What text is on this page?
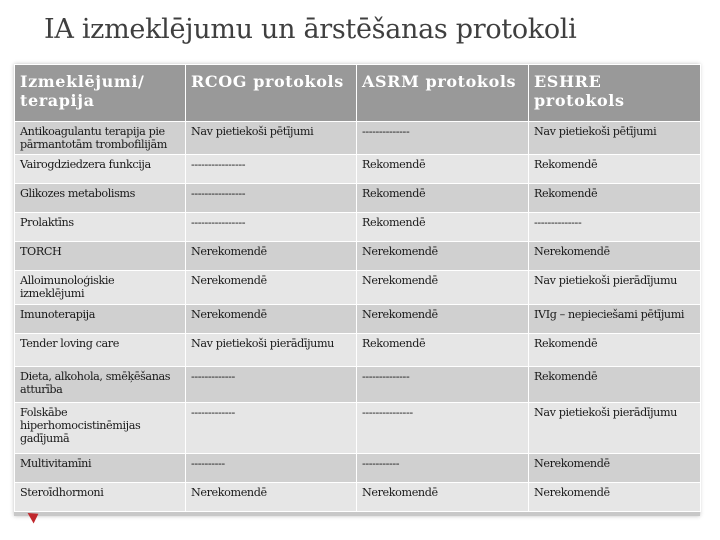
IA izmeklējumu un ārstēšanas protokoli
Izmeklējumi/ terapija	RCOG protokols	ASRM protokols	ESHRE protokols
Antikoagulantu terapija pie pārmantotām trombofilijām	Nav pietiekoši pētījumi	--------------	Nav pietiekoši pētījumi
Vairogdziedzera funkcija	----------------	Rekomendē	Rekomendē
Glikozes metabolisms	----------------	Rekomendē	Rekomendē
Prolaktīns	----------------	Rekomendē	--------------
TORCH	Nerekomendē	Nerekomendē	Nerekomendē
Alloimunoloģiskie izmeklējumi	Nerekomendē	Nerekomendē	Nav pietiekoši pierādījumu
Imunoterapija	Nerekomendē	Nerekomendē	IVIg – nepieciešami pētījumi
Tender loving care	Nav pietiekoši pierādījumu	Rekomendē	Rekomendē
Dieta, alkohola, smēķēšanas atturība	-------------	--------------	Rekomendē
Folskābe hiperhomocistinēmijas gadījumā	-------------	---------------	Nav pietiekoši pierādījumu
Multivitamīni	----------	-----------	Nerekomendē
Steroīdhormoni	Nerekomendē	Nerekomendē	Nerekomendē
